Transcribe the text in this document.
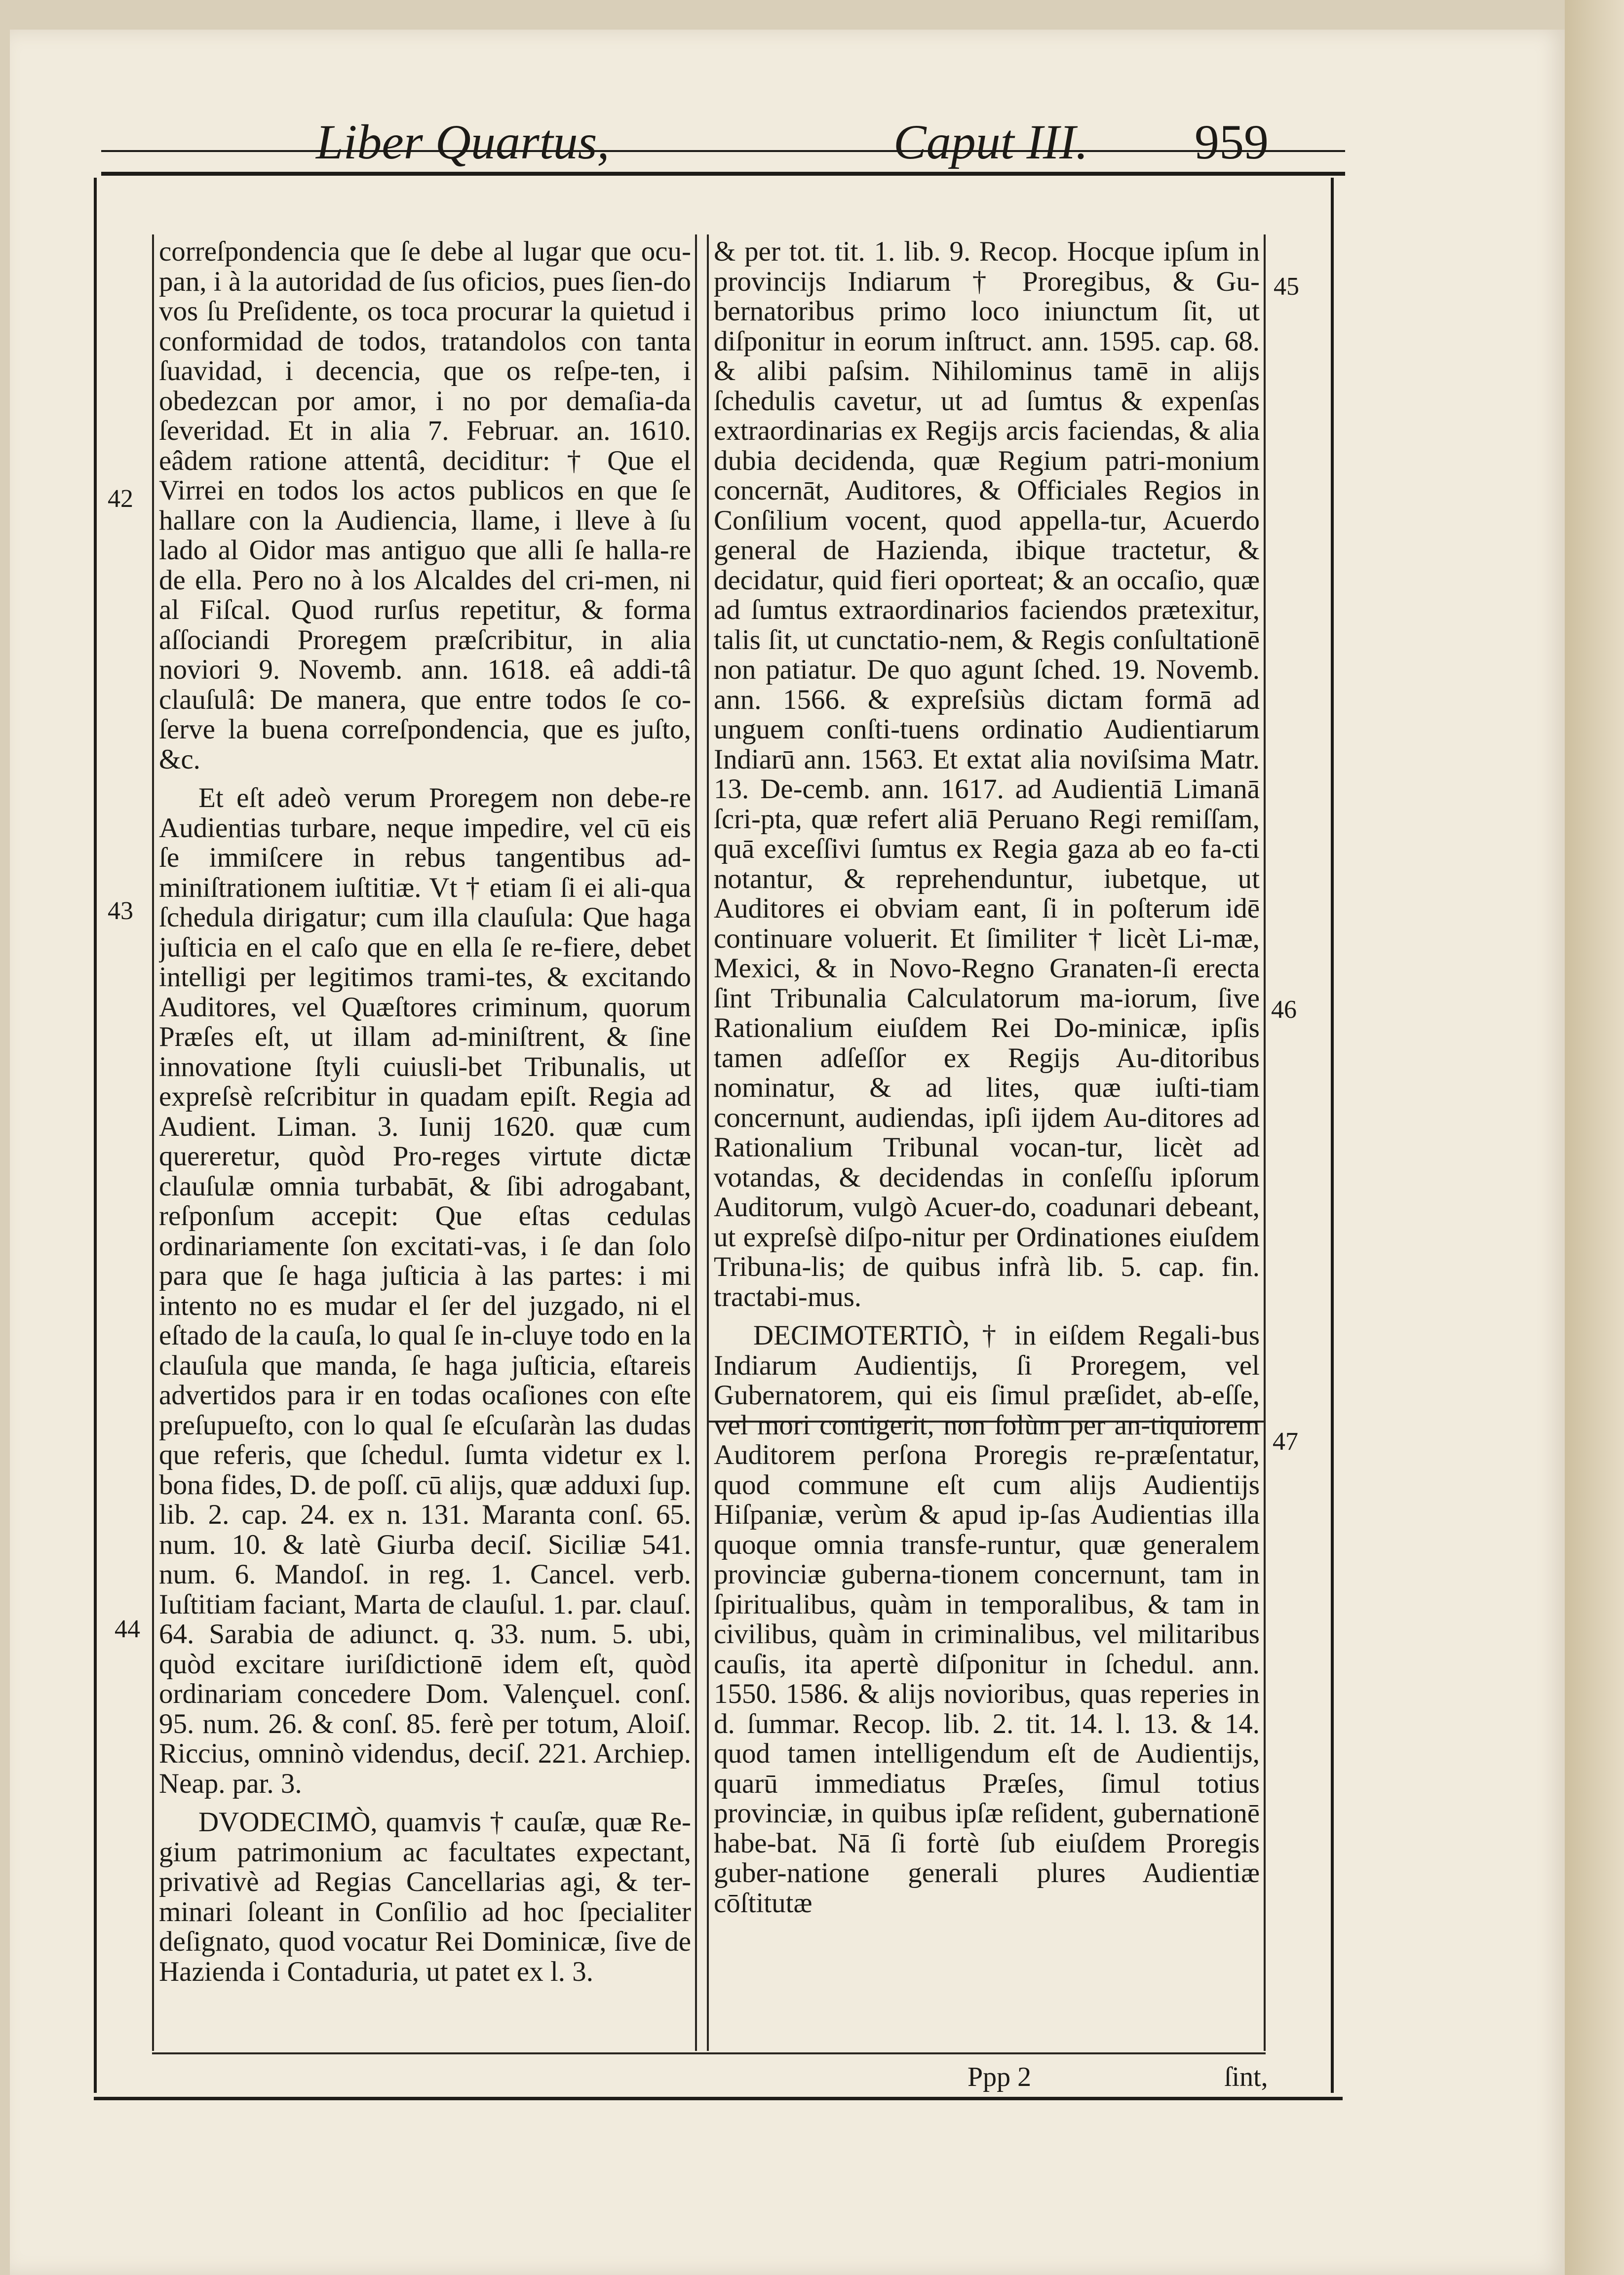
Liber Quartus,	Caput III. 959
42
43
44
45
46
47

correſpondencia que ſe debe al lugar que ocu-pan, i à la autoridad de ſus oficios, pues ſien-do vos ſu Preſidente, os toca procurar la quietud i conformidad de todos, tratandolos con tanta ſuavidad, i decencia, que os reſpe-ten, i obedezcan por amor, i no por demaſia-da ſeveridad. Et in alia 7. Februar. an. 1610. eâdem ratione attentâ, deciditur: † Que el Virrei en todos los actos publicos en que ſe hallare con la Audiencia, llame, i lleve à ſu lado al Oidor mas antiguo que alli ſe halla-re de ella. Pero no à los Alcaldes del cri-men, ni al Fiſcal. Quod rurſus repetitur, & forma aſſociandi Proregem præſcribitur, in alia noviori 9. Novemb. ann. 1618. eâ addi-tâ clauſulâ: De manera, que entre todos ſe co-ſerve la buena correſpondencia, que es juſto, &c.

Et eſt adeò verum Proregem non debe-re Audientias turbare, neque impedire, vel cū eis ſe immiſcere in rebus tangentibus ad-miniſtrationem iuſtitiæ. Vt † etiam ſi ei ali-qua ſchedula dirigatur; cum illa clauſula: Que haga juſticia en el caſo que en ella ſe re-fiere, debet intelligi per legitimos trami-tes, & excitando Auditores, vel Quæſtores criminum, quorum Præſes eſt, ut illam ad-miniſtrent, & ſine innovatione ſtyli cuiusli-bet Tribunalis, ut expreſsè reſcribitur in quadam epiſt. Regia ad Audient. Liman. 3. Iunij 1620. quæ cum quereretur, quòd Pro-reges virtute dictæ clauſulæ omnia turbabāt, & ſibi adrogabant, reſponſum accepit: Que eſtas cedulas ordinariamente ſon excitati-vas, i ſe dan ſolo para que ſe haga juſticia à las partes: i mi intento no es mudar el ſer del juzgado, ni el eſtado de la cauſa, lo qual ſe in-cluye todo en la clauſula que manda, ſe haga juſticia, eſtareis advertidos para ir en todas ocaſiones con eſte preſupueſto, con lo qual ſe eſcuſaràn las dudas que referis, que ſchedul. ſumta videtur ex l. bona fides, D. de poſſ. cū alijs, quæ adduxi ſup. lib. 2. cap. 24. ex n. 131. Maranta conſ. 65. num. 10. & latè Giurba deciſ. Siciliæ 541. num. 6. Mandoſ. in reg. 1. Cancel. verb. Iuſtitiam faciant, Marta de clauſul. 1. par. clauſ. 64. Sarabia de adiunct. q. 33. num. 5. ubi, quòd excitare iuriſdictionē idem eſt, quòd ordinariam concedere Dom. Valençuel. conſ. 95. num. 26. & conſ. 85. ferè per totum, Aloiſ. Riccius, omninò videndus, deciſ. 221. Archiep. Neap. par. 3.

DVODECIMÒ, quamvis † cauſæ, quæ Re-gium patrimonium ac facultates expectant, privativè ad Regias Cancellarias agi, & ter-minari ſoleant in Conſilio ad hoc ſpecialiter deſignato, quod vocatur Rei Dominicæ, ſive de Hazienda i Contaduria, ut patet ex l. 3.

& per tot. tit. 1. lib. 9. Recop. Hocque ipſum in provincijs Indiarum † Proregibus, & Gu-bernatoribus primo loco iniunctum ſit, ut diſponitur in eorum inſtruct. ann. 1595. cap. 68. & alibi paſsim. Nihilominus tamē in alijs ſchedulis cavetur, ut ad ſumtus & expenſas extraordinarias ex Regijs arcis faciendas, & alia dubia decidenda, quæ Regium patri-monium concernāt, Auditores, & Officiales Regios in Conſilium vocent, quod appella-tur, Acuerdo general de Hazienda, ibique tractetur, & decidatur, quid fieri oporteat; & an occaſio, quæ ad ſumtus extraordinarios faciendos prætexitur, talis ſit, ut cunctatio-nem, & Regis conſultationē non patiatur. De quo agunt ſched. 19. Novemb. ann. 1566. & expreſsiùs dictam formā ad unguem conſti-tuens ordinatio Audientiarum Indiarū ann. 1563. Et extat alia noviſsima Matr. 13. De-cemb. ann. 1617. ad Audientiā Limanā ſcri-pta, quæ refert aliā Peruano Regi remiſſam, quā exceſſivi ſumtus ex Regia gaza ab eo fa-cti notantur, & reprehenduntur, iubetque, ut Auditores ei obviam eant, ſi in poſterum idē continuare voluerit. Et ſimiliter † licèt Li-mæ, Mexici, & in Novo-Regno Granaten-ſi erecta ſint Tribunalia Calculatorum ma-iorum, ſive Rationalium eiuſdem Rei Do-minicæ, ipſis tamen adſeſſor ex Regijs Au-ditoribus nominatur, & ad lites, quæ iuſti-tiam concernunt, audiendas, ipſi ijdem Au-ditores ad Rationalium Tribunal vocan-tur, licèt ad votandas, & decidendas in conſeſſu ipſorum Auditorum, vulgò Acuer-do, coadunari debeant, ut expreſsè diſpo-nitur per Ordinationes eiuſdem Tribuna-lis; de quibus infrà lib. 5. cap. fin. tractabi-mus.

DECIMOTERTIÒ, † in eiſdem Regali-bus Indiarum Audientijs, ſi Proregem, vel Gubernatorem, qui eis ſimul præſidet, ab-eſſe, vel mori contigerit, non ſolùm per an-tiquiorem Auditorem perſona Proregis re-præſentatur, quod commune eſt cum alijs Audientijs Hiſpaniæ, verùm & apud ip-ſas Audientias illa quoque omnia transfe-runtur, quæ generalem provinciæ guberna-tionem concernunt, tam in ſpiritualibus, quàm in temporalibus, & tam in civilibus, quàm in criminalibus, vel militaribus cauſis, ita apertè diſponitur in ſchedul. ann. 1550. 1586. & alijs novioribus, quas reperies in d. ſummar. Recop. lib. 2. tit. 14. l. 13. & 14. quod tamen intelligendum eſt de Audientijs, quarū immediatus Præſes, ſimul totius provinciæ, in quibus ipſæ reſident, gubernationē habe-bat. Nā ſi fortè ſub eiuſdem Proregis guber-natione generali plures Audientiæ cōſtitutæ

Ppp 2	ſint,
